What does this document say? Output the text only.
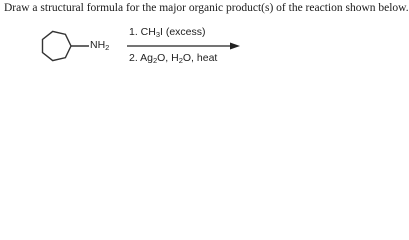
Draw a structural formula for the major organic product(s) of the reaction shown below.
$NH_2$
1. $CH_3I$ (excess)
2. $Ag_2O$, $H_2O$, heat
